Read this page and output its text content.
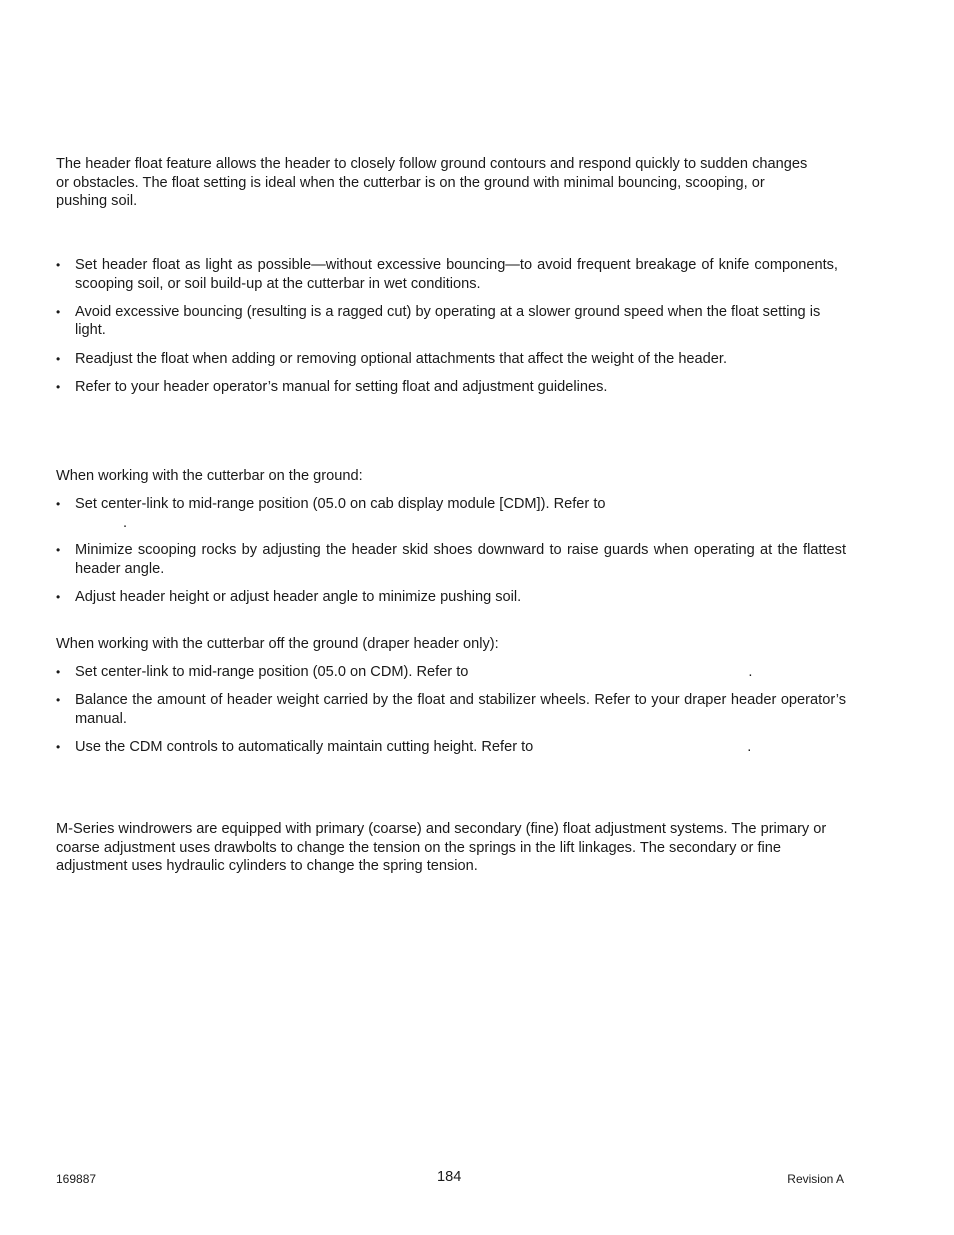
The header float feature allows the header to closely follow ground contours and respond quickly to sudden changes or obstacles. The float setting is ideal when the cutterbar is on the ground with minimal bouncing, scooping, or pushing soil.

• Set header float as light as possible—without excessive bouncing—to avoid frequent breakage of knife components, scooping soil, or soil build-up at the cutterbar in wet conditions.
• Avoid excessive bouncing (resulting is a ragged cut) by operating at a slower ground speed when the float setting is light.
• Readjust the float when adding or removing optional attachments that affect the weight of the header.
• Refer to your header operator’s manual for setting float and adjustment guidelines.

When working with the cutterbar on the ground:

• Set center-link to mid-range position (05.0 on cab display module [CDM]). Refer to
.
• Minimize scooping rocks by adjusting the header skid shoes downward to raise guards when operating at the flattest header angle.
• Adjust header height or adjust header angle to minimize pushing soil.

When working with the cutterbar off the ground (draper header only):

• Set center-link to mid-range position (05.0 on CDM). Refer to	.
• Balance the amount of header weight carried by the float and stabilizer wheels. Refer to your draper header operator’s manual.
• Use the CDM controls to automatically maintain cutting height. Refer to	.

M-Series windrowers are equipped with primary (coarse) and secondary (fine) float adjustment systems. The primary or coarse adjustment uses drawbolts to change the tension on the springs in the lift linkages. The secondary or fine adjustment uses hydraulic cylinders to change the spring tension.

169887	184	Revision A
